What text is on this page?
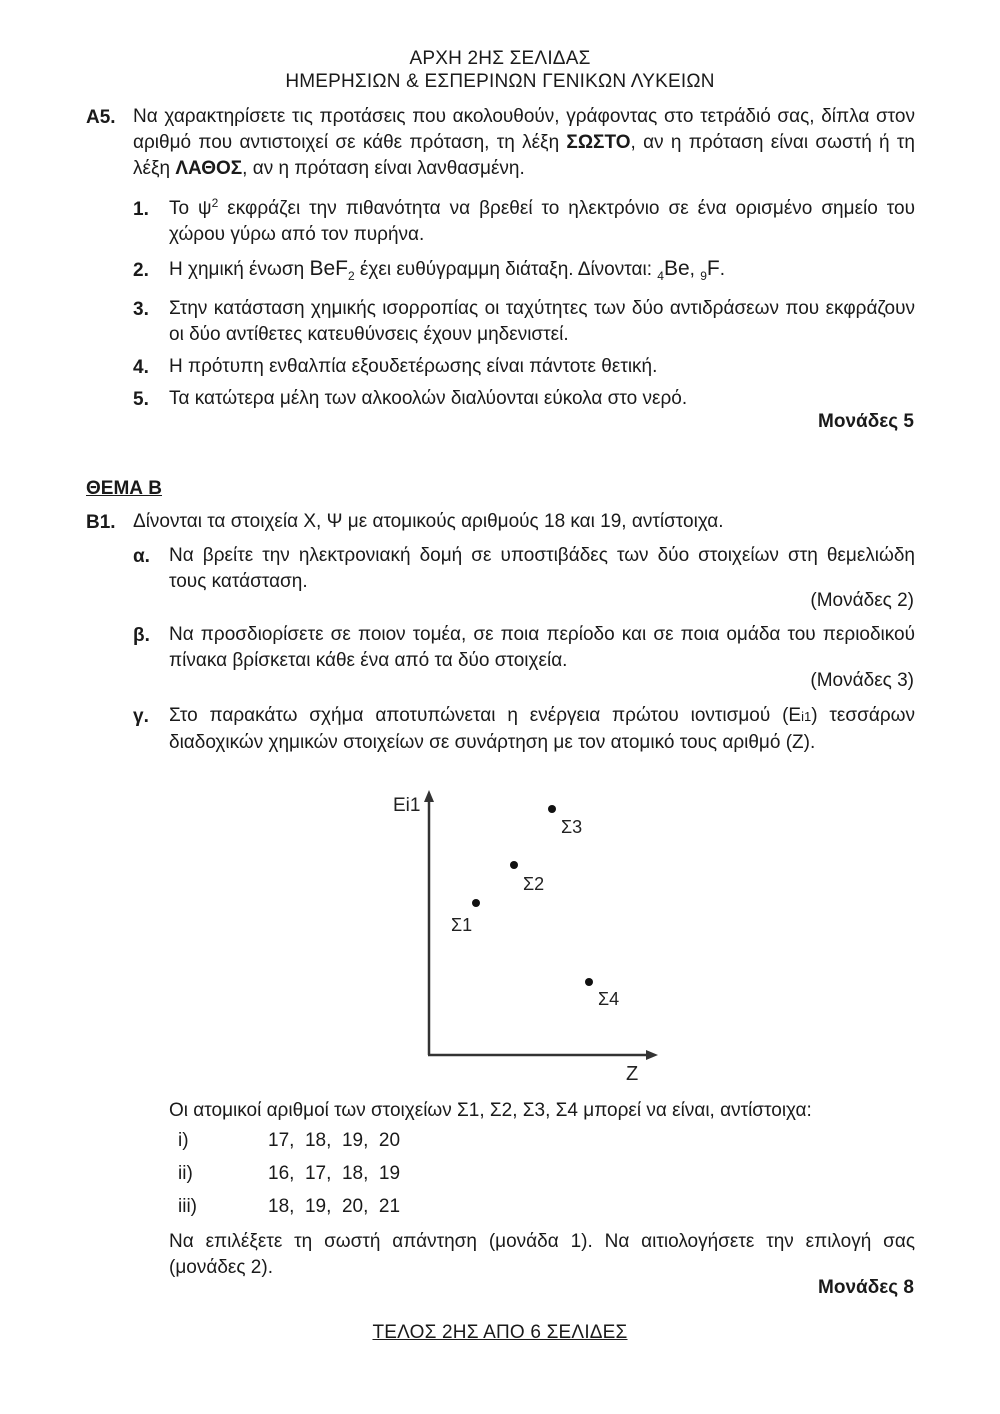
ΑΡΧΗ 2ΗΣ ΣΕΛΙΔΑΣ
ΗΜΕΡΗΣΙΩΝ & ΕΣΠΕΡΙΝΩΝ ΓΕΝΙΚΩΝ ΛΥΚΕΙΩΝ
Α5. Να χαρακτηρίσετε τις προτάσεις που ακολουθούν, γράφοντας στο τετράδιό σας, δίπλα στον αριθμό που αντιστοιχεί σε κάθε πρόταση, τη λέξη ΣΩΣΤΟ, αν η πρόταση είναι σωστή ή τη λέξη ΛΑΘΟΣ, αν η πρόταση είναι λανθασμένη.
1. Το $\psi^2$ εκφράζει την πιθανότητα να βρεθεί το ηλεκτρόνιο σε ένα ορισμένο σημείο του χώρου γύρω από τον πυρήνα.
2. Η χημική ένωση BeF$_2$ έχει ευθύγραμμη διάταξη. Δίνονται: $_4$Be, $_9$F.
3. Στην κατάσταση χημικής ισορροπίας οι ταχύτητες των δύο αντιδράσεων που εκφράζουν οι δύο αντίθετες κατευθύνσεις έχουν μηδενιστεί.
4. Η πρότυπη ενθαλπία εξουδετέρωσης είναι πάντοτε θετική.
5. Τα κατώτερα μέλη των αλκοολών διαλύονται εύκολα στο νερό.
Μονάδες 5
ΘΕΜΑ Β
Β1. Δίνονται τα στοιχεία Χ, Ψ με ατομικούς αριθμούς 18 και 19, αντίστοιχα.
α. Να βρείτε την ηλεκτρονιακή δομή σε υποστιβάδες των δύο στοιχείων στη θεμελιώδη τους κατάσταση.
(Μονάδες 2)
β. Να προσδιορίσετε σε ποιον τομέα, σε ποια περίοδο και σε ποια ομάδα του περιοδικού πίνακα βρίσκεται κάθε ένα από τα δύο στοιχεία.
(Μονάδες 3)
γ. Στο παρακάτω σχήμα αποτυπώνεται η ενέργεια πρώτου ιοντισμού (Ei1) τεσσάρων διαδοχικών χημικών στοιχείων σε συνάρτηση με τον ατομικό τους αριθμό (Z).
Ei1
Z
Σ1
Σ2
Σ3
Σ4
Οι ατομικοί αριθμοί των στοιχείων Σ1, Σ2, Σ3, Σ4 μπορεί να είναι, αντίστοιχα:
i)	17,  18,  19,  20
ii)	16,  17,  18,  19
iii)	18,  19,  20,  21
Να επιλέξετε τη σωστή απάντηση (μονάδα 1). Να αιτιολογήσετε την επιλογή σας (μονάδες 2).
Μονάδες 8
ΤΕΛΟΣ 2ΗΣ ΑΠΟ 6 ΣΕΛΙΔΕΣ
